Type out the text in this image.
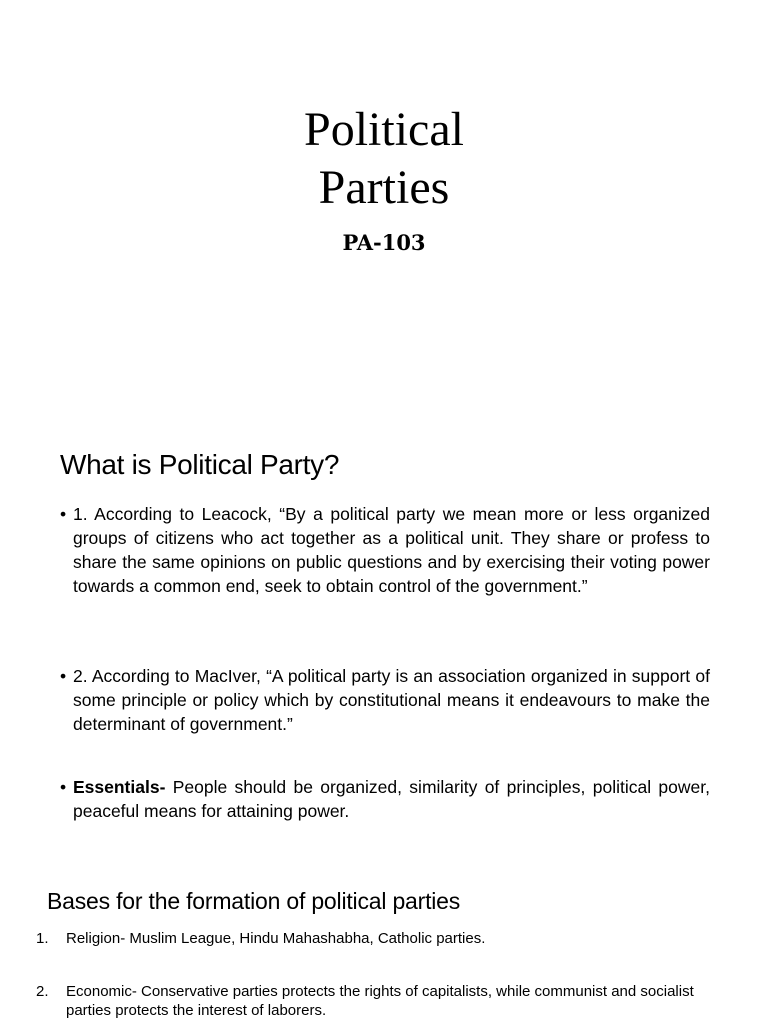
Political
Parties
PA-103
What is Political Party?
• 1. According to Leacock, “By a political party we mean more or less organized groups of citizens who act together as a political unit. They share or profess to share the same opinions on public questions and by exercising their voting power towards a common end, seek to obtain control of the government.”
• 2. According to MacIver, “A political party is an association organized in support of some principle or policy which by constitutional means it endeavours to make the determinant of government.”
• Essentials- People should be organized, similarity of principles, political power, peaceful means for attaining power.
Bases for the formation of political parties
1. Religion- Muslim League, Hindu Mahashabha, Catholic parties.
2. Economic- Conservative parties protects the rights of capitalists, while communist and socialist parties protects the interest of laborers.
